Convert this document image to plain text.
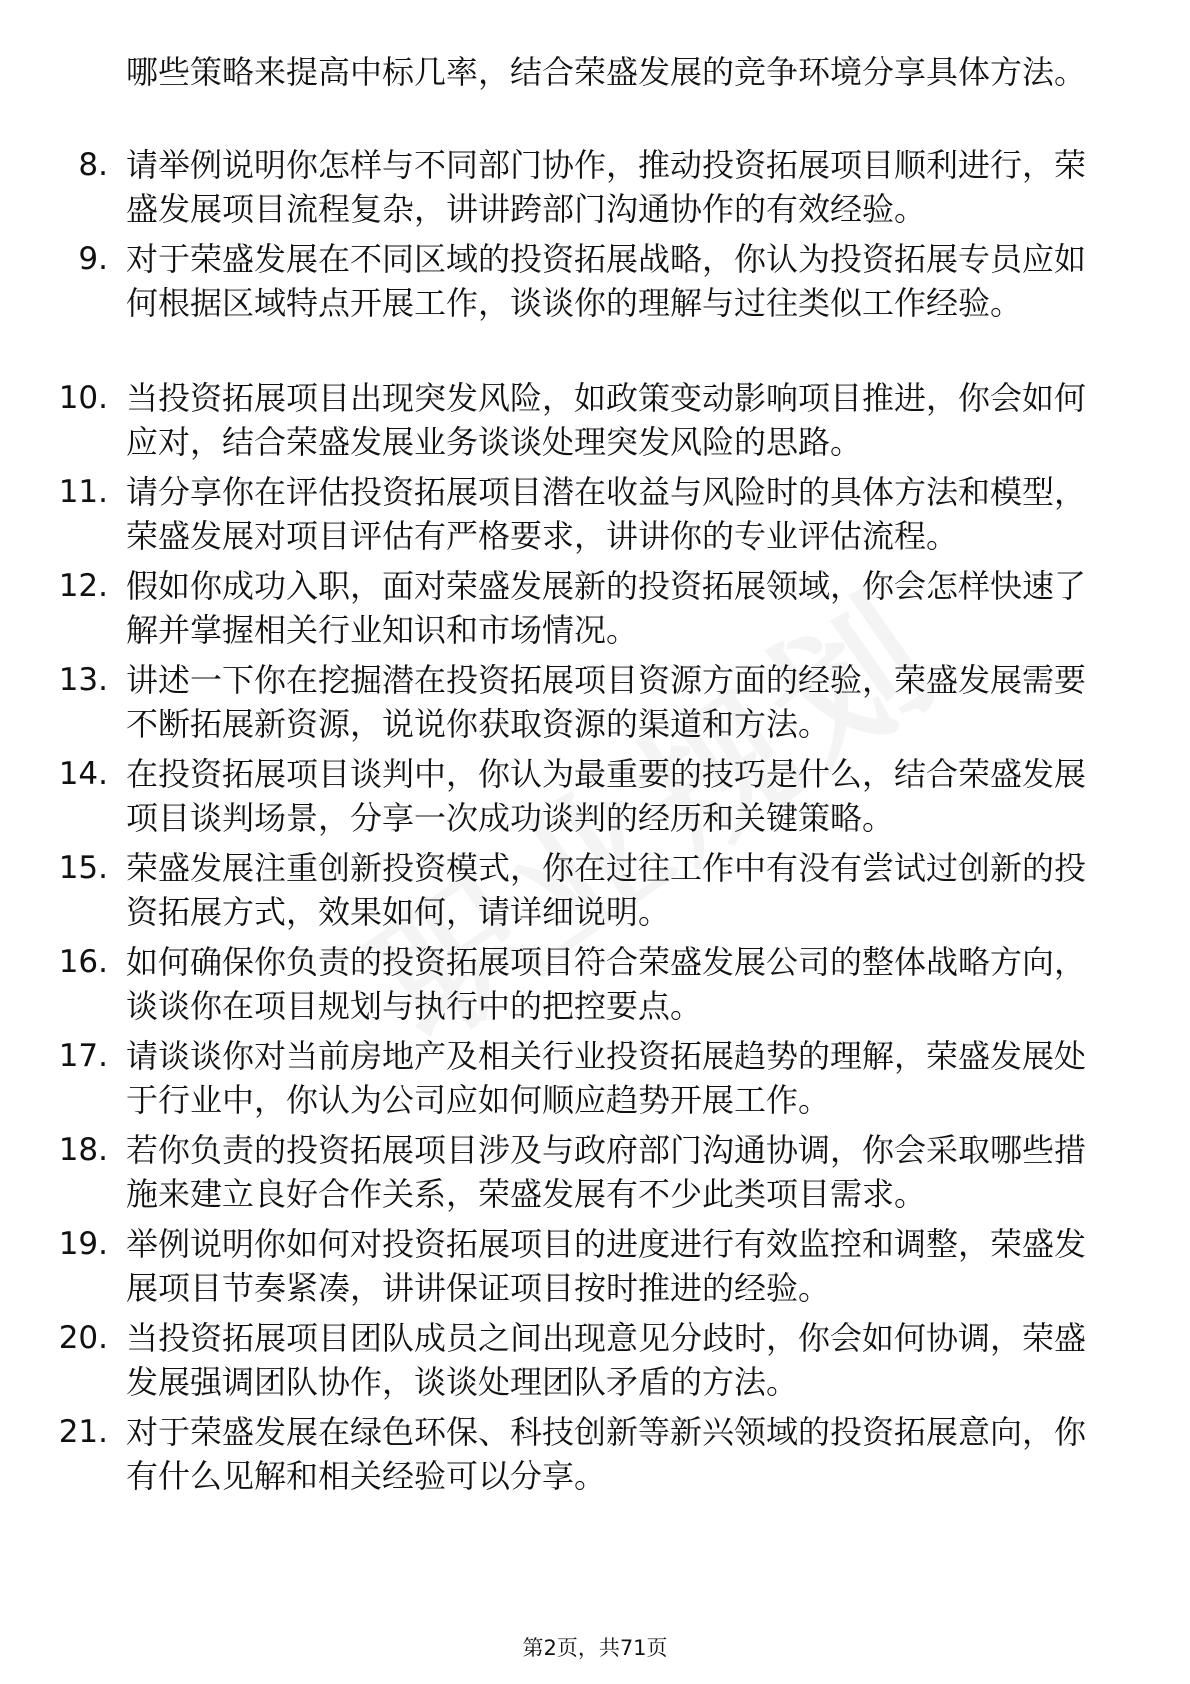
哪些策略来提高中标几率，结合荣盛发展的竞争环境分享具体方法。
8. 请举例说明你怎样与不同部门协作，推动投资拓展项目顺利进行，荣盛发展项目流程复杂，讲讲跨部门沟通协作的有效经验。
9. 对于荣盛发展在不同区域的投资拓展战略，你认为投资拓展专员应如何根据区域特点开展工作，谈谈你的理解与过往类似工作经验。
10. 当投资拓展项目出现突发风险，如政策变动影响项目推进，你会如何应对，结合荣盛发展业务谈谈处理突发风险的思路。
11. 请分享你在评估投资拓展项目潜在收益与风险时的具体方法和模型，荣盛发展对项目评估有严格要求，讲讲你的专业评估流程。
12. 假如你成功入职，面对荣盛发展新的投资拓展领域，你会怎样快速了解并掌握相关行业知识和市场情况。
13. 讲述一下你在挖掘潜在投资拓展项目资源方面的经验，荣盛发展需要不断拓展新资源，说说你获取资源的渠道和方法。
14. 在投资拓展项目谈判中，你认为最重要的技巧是什么，结合荣盛发展项目谈判场景，分享一次成功谈判的经历和关键策略。
15. 荣盛发展注重创新投资模式，你在过往工作中有没有尝试过创新的投资拓展方式，效果如何，请详细说明。
16. 如何确保你负责的投资拓展项目符合荣盛发展公司的整体战略方向，谈谈你在项目规划与执行中的把控要点。
17. 请谈谈你对当前房地产及相关行业投资拓展趋势的理解，荣盛发展处于行业中，你认为公司应如何顺应趋势开展工作。
18. 若你负责的投资拓展项目涉及与政府部门沟通协调，你会采取哪些措施来建立良好合作关系，荣盛发展有不少此类项目需求。
19. 举例说明你如何对投资拓展项目的进度进行有效监控和调整，荣盛发展项目节奏紧凑，讲讲保证项目按时推进的经验。
20. 当投资拓展项目团队成员之间出现意见分歧时，你会如何协调，荣盛发展强调团队协作，谈谈处理团队矛盾的方法。
21. 对于荣盛发展在绿色环保、科技创新等新兴领域的投资拓展意向，你有什么见解和相关经验可以分享。
第2页，共71页
